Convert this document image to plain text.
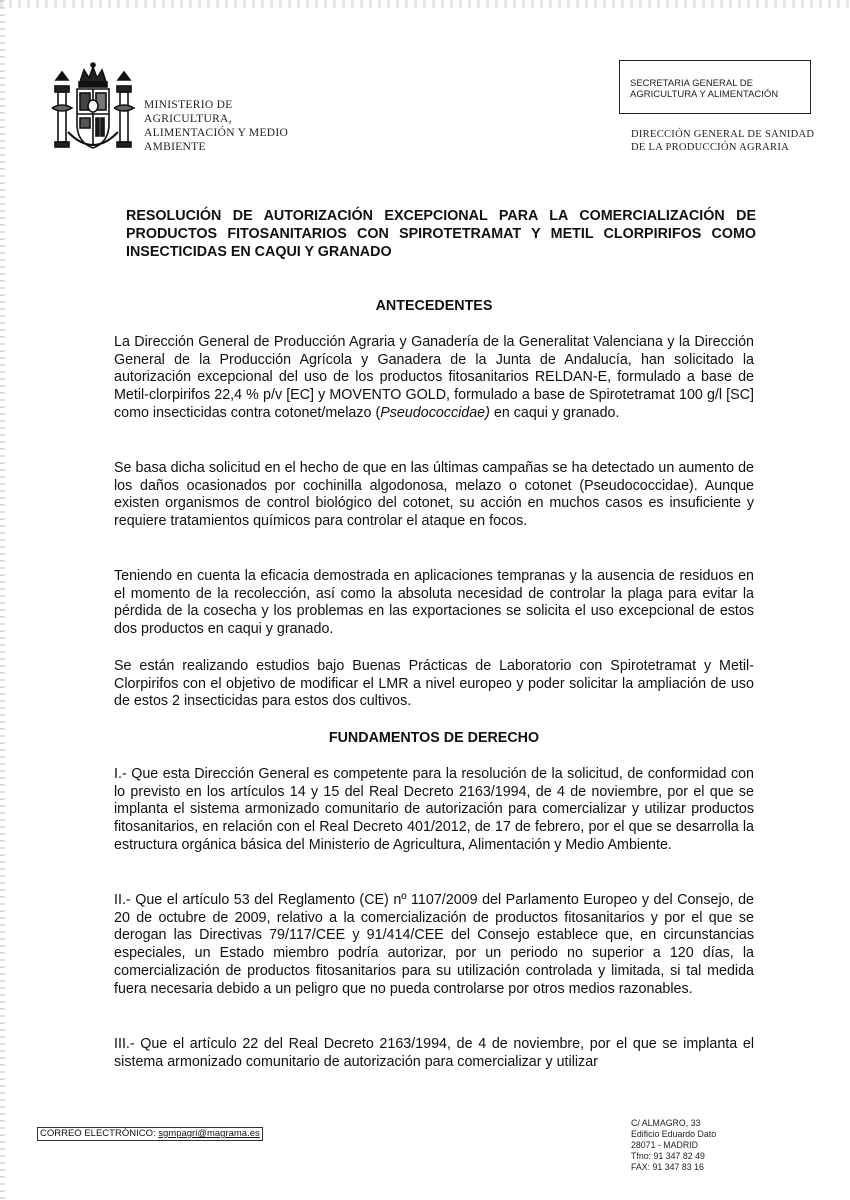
MINISTERIO DE
AGRICULTURA,
ALIMENTACIÓN Y MEDIO
AMBIENTE
SECRETARIA GENERAL DE
AGRICULTURA Y ALIMENTACIÓN
DIRECCIÓN GENERAL DE SANIDAD
DE LA PRODUCCIÓN AGRARIA

RESOLUCIÓN DE AUTORIZACIÓN EXCEPCIONAL PARA LA COMERCIALIZACIÓN DE PRODUCTOS FITOSANITARIOS CON SPIROTETRAMAT Y METIL CLORPIRIFOS COMO INSECTICIDAS EN CAQUI Y GRANADO

ANTECEDENTES

La Dirección General de Producción Agraria y Ganadería de la Generalitat Valenciana y la Dirección General de la Producción Agrícola y Ganadera de la Junta de Andalucía, han solicitado la autorización excepcional del uso de los productos fitosanitarios RELDAN-E, formulado a base de Metil-clorpirifos 22,4 % p/v [EC] y MOVENTO GOLD, formulado a base de Spirotetramat 100 g/l [SC] como insecticidas contra cotonet/melazo (Pseudococcidae) en caqui y granado.

Se basa dicha solicitud en el hecho de que en las últimas campañas se ha detectado un aumento de los daños ocasionados por cochinilla algodonosa, melazo o cotonet (Pseudococcidae). Aunque existen organismos de control biológico del cotonet, su acción en muchos casos es insuficiente y requiere tratamientos químicos para controlar el ataque en focos.

Teniendo en cuenta la eficacia demostrada en aplicaciones tempranas y la ausencia de residuos en el momento de la recolección, así como la absoluta necesidad de controlar la plaga para evitar la pérdida de la cosecha y los problemas en las exportaciones se solicita el uso excepcional de estos dos productos en caqui y granado.

Se están realizando estudios bajo Buenas Prácticas de Laboratorio con Spirotetramat y Metil-Clorpirifos con el objetivo de modificar el LMR a nivel europeo y poder solicitar la ampliación de uso de estos 2 insecticidas para estos dos cultivos.

FUNDAMENTOS DE DERECHO

I.- Que esta Dirección General es competente para la resolución de la solicitud, de conformidad con lo previsto en los artículos 14 y 15 del Real Decreto 2163/1994, de 4 de noviembre, por el que se implanta el sistema armonizado comunitario de autorización para comercializar y utilizar productos fitosanitarios, en relación con el Real Decreto 401/2012, de 17 de febrero, por el que se desarrolla la estructura orgánica básica del Ministerio de Agricultura, Alimentación y Medio Ambiente.

II.- Que el artículo 53 del Reglamento (CE) nº 1107/2009 del Parlamento Europeo y del Consejo, de 20 de octubre de 2009, relativo a la comercialización de productos fitosanitarios y por el que se derogan las Directivas 79/117/CEE y 91/414/CEE del Consejo establece que, en circunstancias especiales, un Estado miembro podría autorizar, por un periodo no superior a 120 días, la comercialización de productos fitosanitarios para su utilización controlada y limitada, si tal medida fuera necesaria debido a un peligro que no pueda controlarse por otros medios razonables.

III.- Que el artículo 22 del Real Decreto 2163/1994, de 4 de noviembre, por el que se implanta el sistema armonizado comunitario de autorización para comercializar y utilizar

CORREO ELECTRÓNICO: sgmpagri@magrama.es
C/ ALMAGRO, 33
Edificio Eduardo Dato
28071 - MADRID
Tfno: 91 347 82 49
FAX: 91 347 83 16
